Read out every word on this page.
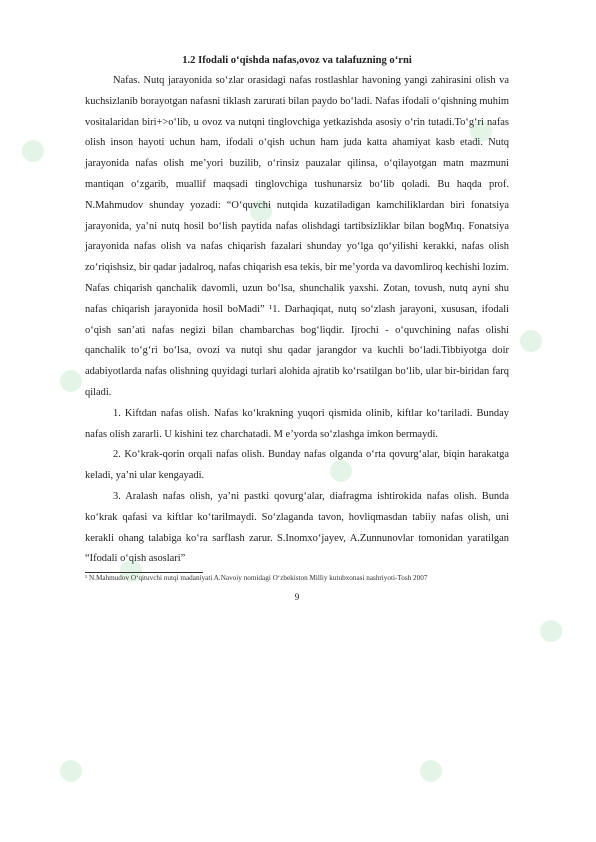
1.2 Ifodali o‘qishda nafas,ovoz va talafuzning o‘rni

Nafas. Nutq jarayonida so‘zlar orasidagi nafas rostlashlar havoning yangi zahirasini olish va kuchsizlanib borayotgan nafasni tiklash zarurati bilan paydo bo‘ladi. Nafas ifodali o‘qishning muhim vositalaridan biri+>o‘lib, u ovoz va nutqni tinglovchiga yetkazishda asosiy o‘rin tutadi.To‘g‘ri nafas olish inson hayoti uchun ham, ifodali o‘qish uchun ham juda katta ahamiyat kasb etadi. Nutq jarayonida nafas olish me’yori buzilib, o‘rinsiz pauzalar qilinsa, o‘qilayotgan matn mazmuni mantiqan o‘zgarib, muallif maqsadi tinglovchiga tushunarsiz bo‘lib qoladi. Bu haqda prof. N.Mahmudov shunday yozadi: “O‘quvchi nutqida kuzatiladigan kamchiliklardan biri fonatsiya jarayonida, ya’ni nutq hosil bo‘lish paytida nafas olishdagi tartibsizliklar bilan bogMıq. Fonatsiya jarayonida nafas olish va nafas chiqarish fazalari shunday yo‘lga qo‘yilishi kerakki, nafas olish zo‘riqishsiz, bir qadar jadalroq, nafas chiqarish esa tekis, bir me’yorda va davomliroq kechishi lozim. Nafas chiqarish qanchalik davomli, uzun bo‘lsa, shunchalik yaxshi. Zotan, tovush, nutq ayni shu nafas chiqarish jarayonida hosil boMadi” ¹1. Darhaqiqat, nutq so‘zlash jarayoni, xususan, ifodali o‘qish san’ati nafas negizi bilan chambarchas bog‘liqdir. Ijrochi - o‘quvchining nafas olishi qanchalik to‘g‘ri bo‘lsa, ovozi va nutqi shu qadar jarangdor va kuchli bo‘ladi.Tibbiyotga doir adabiyotlarda nafas olishning quyidagi turlari alohida ajratib ko‘rsatilgan bo‘lib, ular bir-biridan farq qiladi.

1. Kiftdan nafas olish. Nafas ko‘krakning yuqori qismida olinib, kiftlar ko‘tariladi. Bunday nafas olish zararli. U kishini tez charchatadi. M e’yorda so‘zlashga imkon bermaydi.

2. Ko‘krak-qorin orqali nafas olish. Bunday nafas olganda o‘rta qovurg‘alar, biqin harakatga keladi, ya’ni ular kengayadi.

3. Aralash nafas olish, ya’ni pastki qovurg‘alar, diafragma ishtirokida nafas olish. Bunda ko‘krak qafasi va kiftlar ko‘tarilmaydi. So‘zlaganda tavon, hovliqmasdan tabiiy nafas olish, uni kerakli ohang talabiga ko‘ra sarflash zarur. S.Inomxo‘jayev, A.Zunnunovlar tomonidan yaratilgan “Ifodali o‘qish asoslari”

¹ N.Mahmudov O‘qituvchi nutqi madaniyati A.Navoiy nomidagi O‘zbekiston Milliy kutubxonasi nashriyoti-Tosh 2007

9
